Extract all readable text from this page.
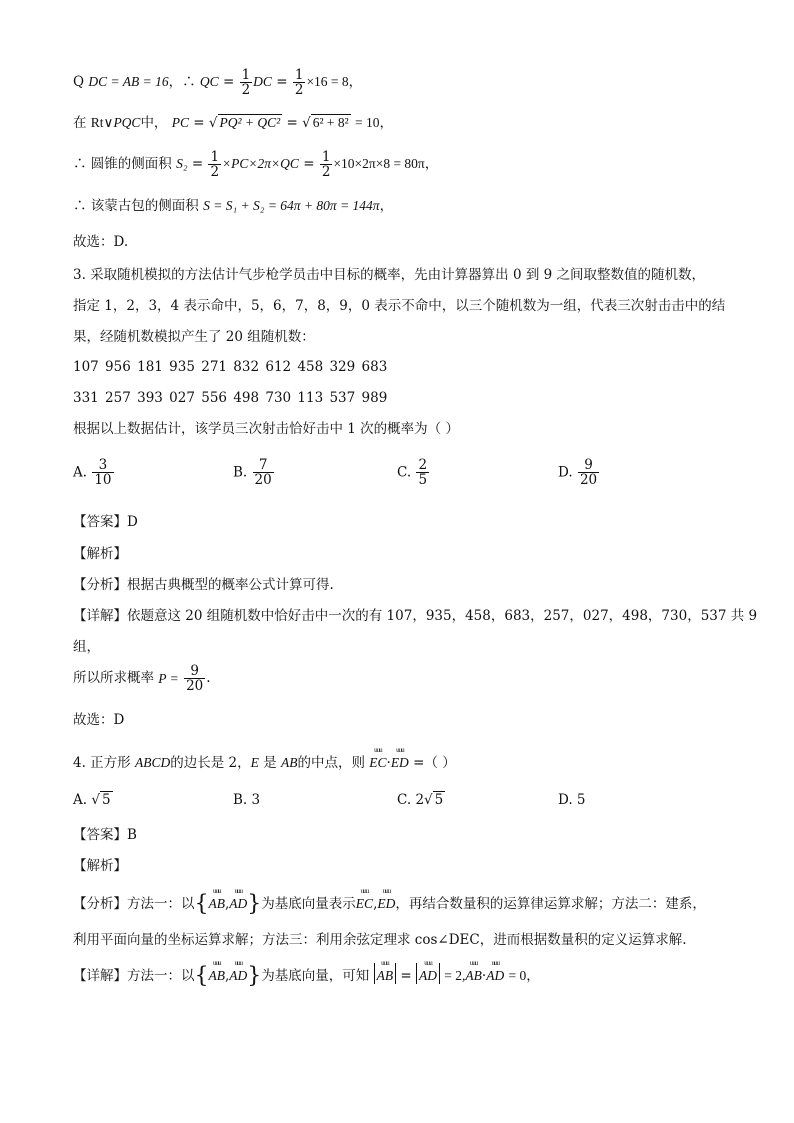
Q DC = AB = 16，∴ QC = $\frac{1}{2}$ DC = $\frac{1}{2} \times 16 = 8$，
在 Rt∨PQC中， PC = √ PQ² + QC² = √ 6² + 8² = 10，
∴ 圆锥的侧面积 $S_2 = \frac{1}{2} \times PC\times 2\pi\times QC = \frac{1}{2} \times 10\times 2\pi\times 8 = 80\pi$，
∴ 该蒙古包的侧面积 S = S₁ + S₂ = 64π + 80π = 144π，
故选：D.
3. 采取随机模拟的方法估计气步枪学员击中目标的概率，先由计算器算出 0 到 9 之间取整数值的随机数，
指定 1，2，3，4 表示命中，5，6，7，8，9，0 表示不命中，以三个随机数为一组，代表三次射击击中的结
果，经随机数模拟产生了 20 组随机数：
107 956 181 935 271 832 612 458 329 683
331 257 393 027 556 498 730 113 537 989
根据以上数据估计，该学员三次射击恰好击中 1 次的概率为（ ）
A. $\frac{3}{10}$	B. $\frac{7}{20}$	C. $\frac{2}{5}$	D. $\frac{9}{20}$
【答案】D
【解析】
【分析】根据古典概型的概率公式计算可得.
【详解】依题意这 20 组随机数中恰好击中一次的有 107，935，458，683，257，027，498，730，537 共 9
组，
所以所求概率 $P = \frac{9}{20}$ .
故选：D
4. 正方形 ABCD的边长是 2，E 是 AB的中点，则 uuu EC·uuu ED =（ ）
A. √ 5	B. 3	C. 2√ 5	D. 5
【答案】B
【解析】
【分析】方法一：以{uuu AB,uuu AD}为基底向量表示uuu EC,uuu ED，再结合数量积的运算律运算求解；方法二：建系，
利用平面向量的坐标运算求解；方法三：利用余弦定理求 cos∠DEC，进而根据数量积的定义运算求解.
【详解】方法一：以{uuu AB,uuu AD}为基底向量，可知 uuu AB = uuu AD = 2,uuu AB·uuu AD = 0，
